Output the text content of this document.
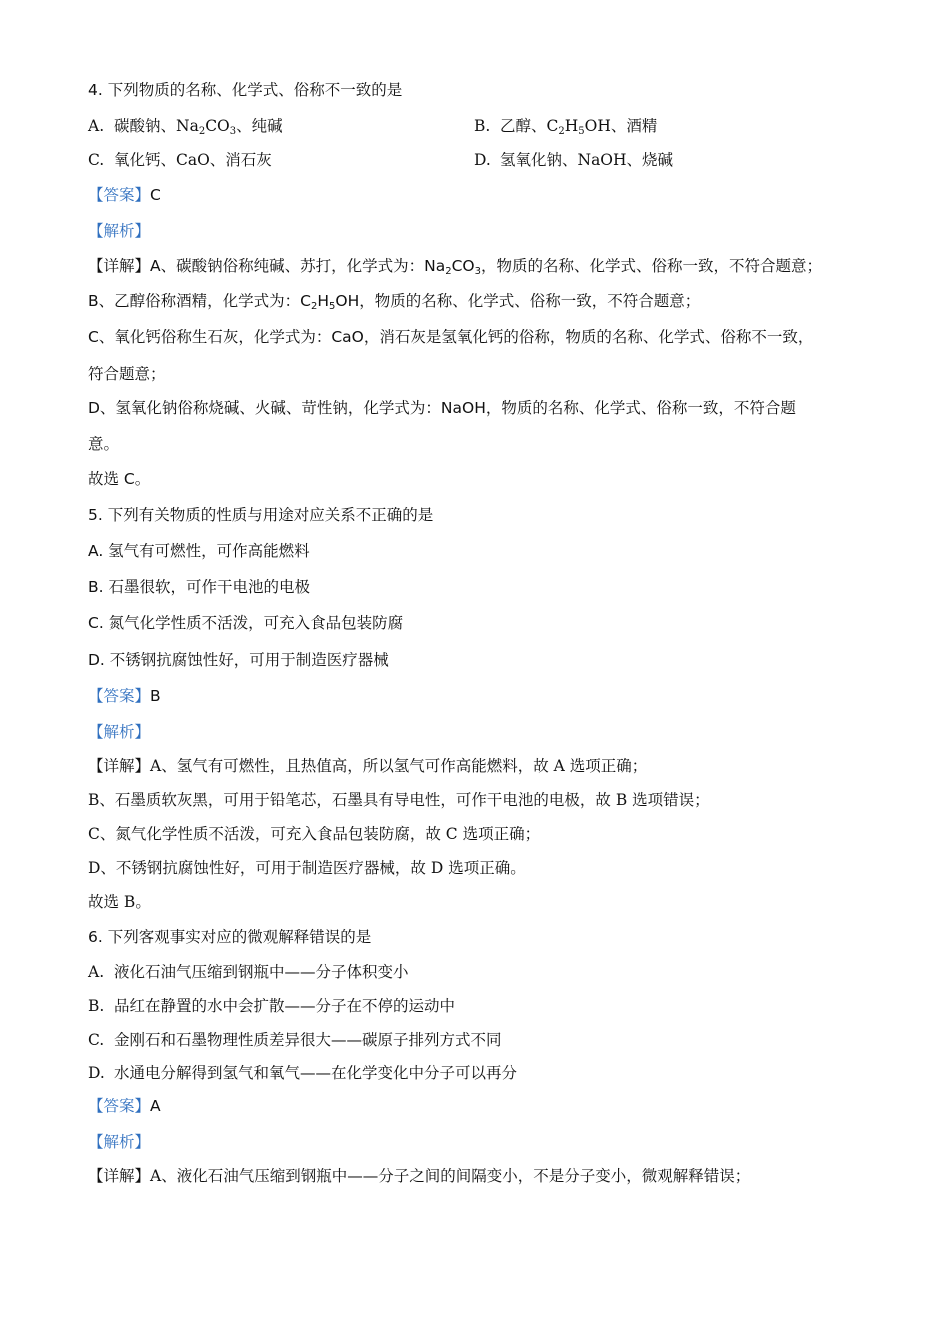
4. 下列物质的名称、化学式、俗称不一致的是
A. 碳酸钠、$Na_2CO_3$、纯碱	B. 乙醇、$C_2H_5OH$、酒精
C. 氧化钙、CaO、消石灰	D. 氢氧化钠、NaOH、烧碱
【答案】C
【解析】
【详解】A、碳酸钠俗称纯碱、苏打，化学式为：$Na_2CO_3$，物质的名称、化学式、俗称一致，不符合题意；
B、乙醇俗称酒精，化学式为：$C_2H_5OH$，物质的名称、化学式、俗称一致，不符合题意；
C、氧化钙俗称生石灰，化学式为：CaO，消石灰是氢氧化钙的俗称，物质的名称、化学式、俗称不一致，
符合题意；
D、氢氧化钠俗称烧碱、火碱、苛性钠，化学式为：NaOH，物质的名称、化学式、俗称一致，不符合题
意。
故选 C。
5. 下列有关物质的性质与用途对应关系不正确的是
A. 氢气有可燃性，可作高能燃料
B. 石墨很软，可作干电池的电极
C. 氮气化学性质不活泼，可充入食品包装防腐
D. 不锈钢抗腐蚀性好，可用于制造医疗器械
【答案】B
【解析】
【详解】A、氢气有可燃性，且热值高，所以氢气可作高能燃料，故 A 选项正确；
B、石墨质软灰黑，可用于铅笔芯，石墨具有导电性，可作干电池的电极，故 B 选项错误；
C、氮气化学性质不活泼，可充入食品包装防腐，故 C 选项正确；
D、不锈钢抗腐蚀性好，可用于制造医疗器械，故 D 选项正确。
故选 B。
6. 下列客观事实对应的微观解释错误的是
A. 液化石油气压缩到钢瓶中——分子体积变小
B. 品红在静置的水中会扩散——分子在不停的运动中
C. 金刚石和石墨物理性质差异很大——碳原子排列方式不同
D. 水通电分解得到氢气和氧气——在化学变化中分子可以再分
【答案】A
【解析】
【详解】A、液化石油气压缩到钢瓶中——分子之间的间隔变小，不是分子变小，微观解释错误；
